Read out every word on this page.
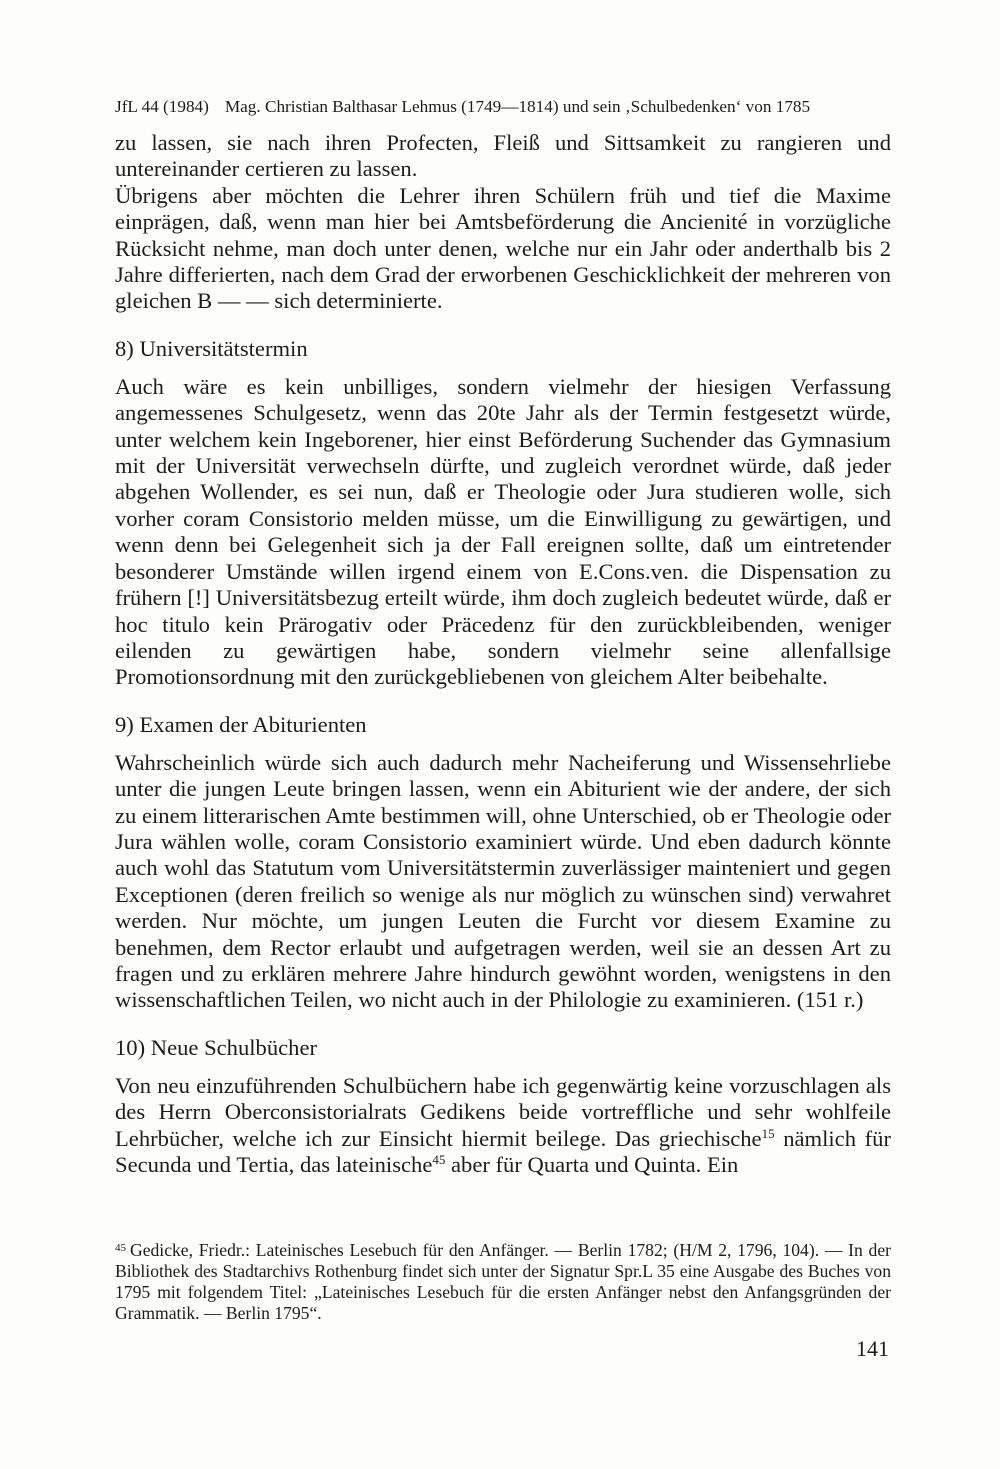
JfL 44 (1984) Mag. Christian Balthasar Lehmus (1749—1814) und sein ‚Schulbedenken‘ von 1785

zu lassen, sie nach ihren Profecten, Fleiß und Sittsamkeit zu rangieren und untereinander certieren zu lassen.

Übrigens aber möchten die Lehrer ihren Schülern früh und tief die Maxime einprägen, daß, wenn man hier bei Amtsbeförderung die Ancienité in vorzügliche Rücksicht nehme, man doch unter denen, welche nur ein Jahr oder anderthalb bis 2 Jahre differierten, nach dem Grad der erworbenen Geschicklichkeit der mehreren von gleichen B — — sich determinierte.

8) Universitätstermin

Auch wäre es kein unbilliges, sondern vielmehr der hiesigen Verfassung angemessenes Schulgesetz, wenn das 20te Jahr als der Termin festgesetzt würde, unter welchem kein Ingeborener, hier einst Beförderung Suchender das Gymnasium mit der Universität verwechseln dürfte, und zugleich verordnet würde, daß jeder abgehen Wollender, es sei nun, daß er Theologie oder Jura studieren wolle, sich vorher coram Consistorio melden müsse, um die Einwilligung zu gewärtigen, und wenn denn bei Gelegenheit sich ja der Fall ereignen sollte, daß um eintretender besonderer Umstände willen irgend einem von E.Cons.ven. die Dispensation zu frühern [!] Universitätsbezug erteilt würde, ihm doch zugleich bedeutet würde, daß er hoc titulo kein Prärogativ oder Präcedenz für den zurückbleibenden, weniger eilenden zu gewärtigen habe, sondern vielmehr seine allenfallsige Promotionsordnung mit den zurückgebliebenen von gleichem Alter beibehalte.

9) Examen der Abiturienten

Wahrscheinlich würde sich auch dadurch mehr Nacheiferung und Wissensehrliebe unter die jungen Leute bringen lassen, wenn ein Abiturient wie der andere, der sich zu einem litterarischen Amte bestimmen will, ohne Unterschied, ob er Theologie oder Jura wählen wolle, coram Consistorio examiniert würde. Und eben dadurch könnte auch wohl das Statutum vom Universitätstermin zuverlässiger mainteniert und gegen Exceptionen (deren freilich so wenige als nur möglich zu wünschen sind) verwahret werden. Nur möchte, um jungen Leuten die Furcht vor diesem Examine zu benehmen, dem Rector erlaubt und aufgetragen werden, weil sie an dessen Art zu fragen und zu erklären mehrere Jahre hindurch gewöhnt worden, wenigstens in den wissenschaftlichen Teilen, wo nicht auch in der Philologie zu examinieren. (151 r.)

10) Neue Schulbücher

Von neu einzuführenden Schulbüchern habe ich gegenwärtig keine vorzuschlagen als des Herrn Oberconsistorialrats Gedikens beide vortreffliche und sehr wohlfeile Lehrbücher, welche ich zur Einsicht hiermit beilege. Das griechische$^{15}$ nämlich für Secunda und Tertia, das lateinische$^{45}$ aber für Quarta und Quinta. Ein

$^{45}$ Gedicke, Friedr.: Lateinisches Lesebuch für den Anfänger. — Berlin 1782; (H/M 2, 1796, 104). — In der Bibliothek des Stadtarchivs Rothenburg findet sich unter der Signatur Spr.L 35 eine Ausgabe des Buches von 1795 mit folgendem Titel: „Lateinisches Lesebuch für die ersten Anfänger nebst den Anfangsgründen der Grammatik. — Berlin 1795“.

141
